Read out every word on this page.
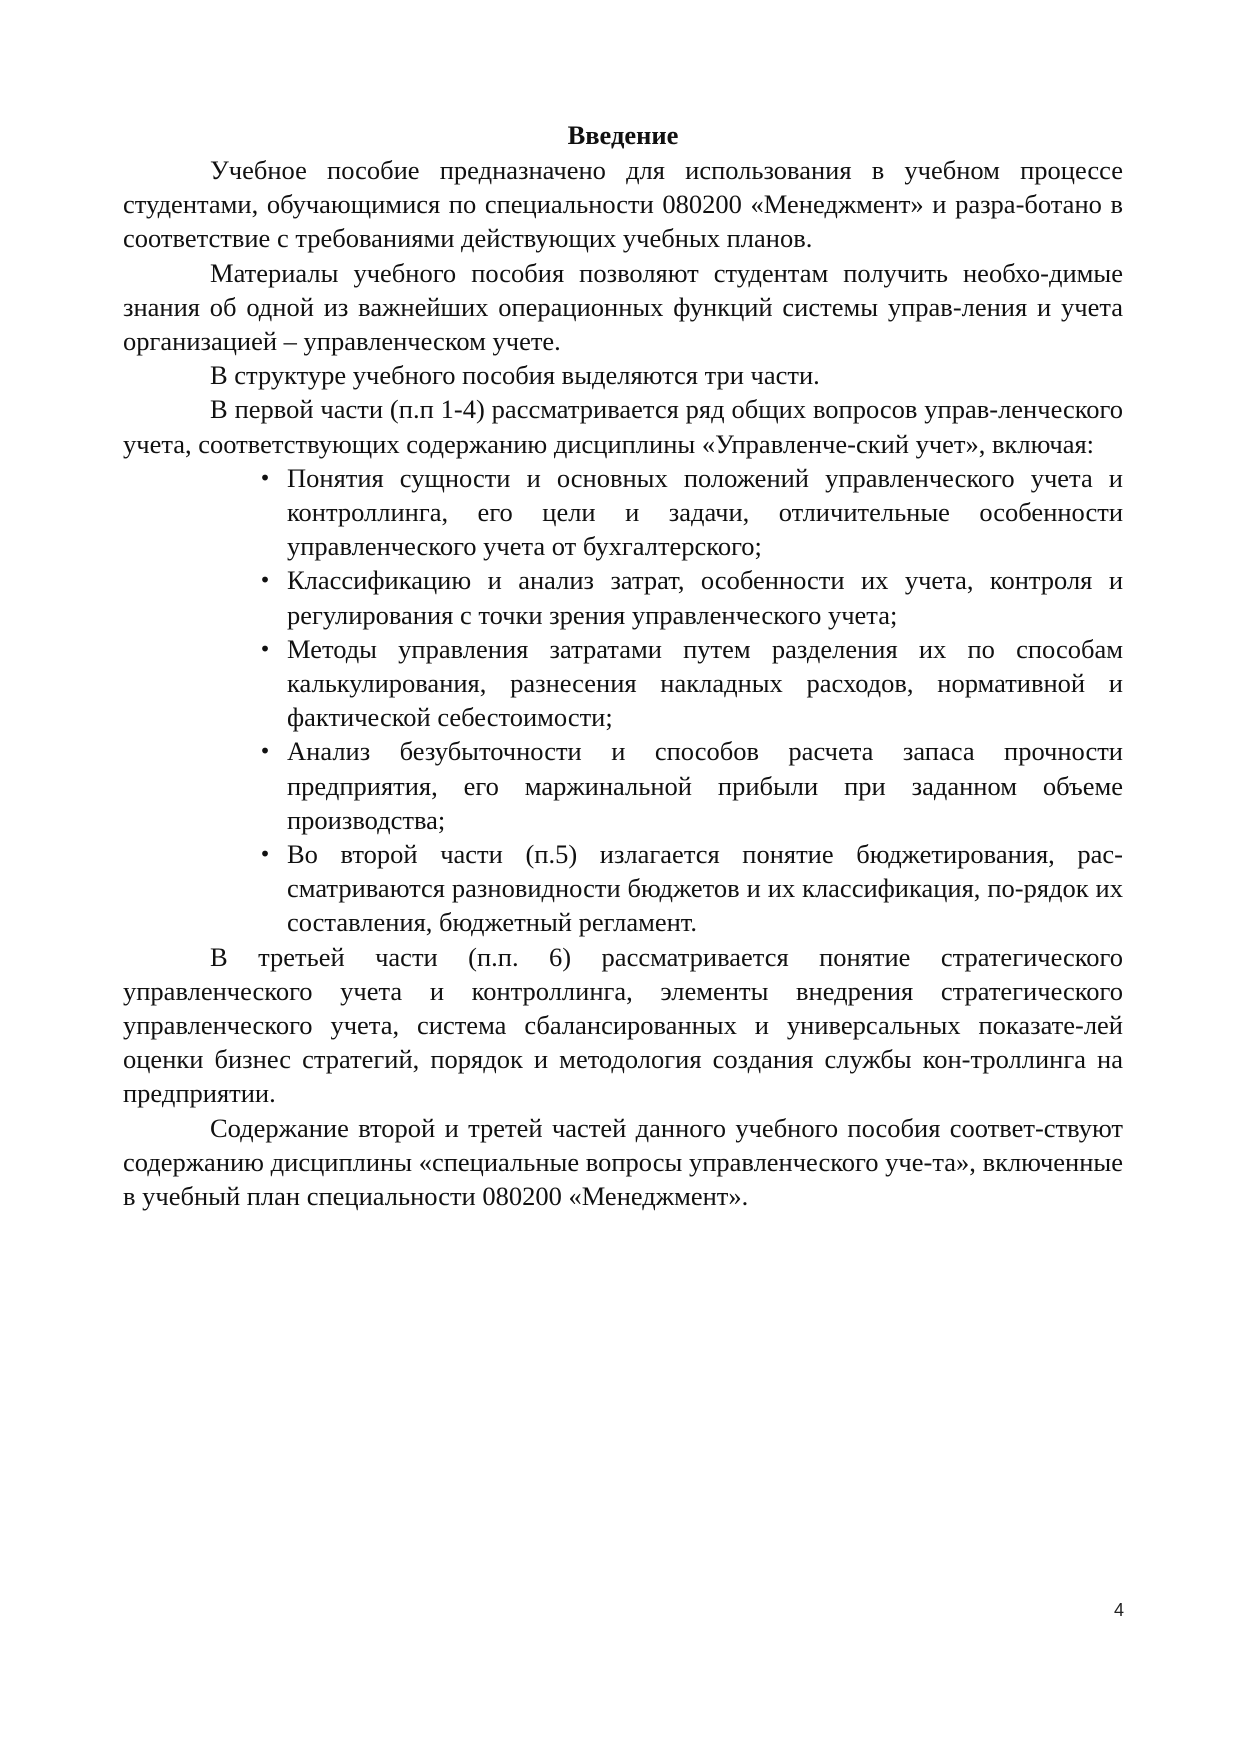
Введение

Учебное пособие предназначено для использования в учебном процессе студентами, обучающимися по специальности 080200 «Менеджмент» и разра-ботано в соответствие с требованиями действующих учебных планов.

Материалы учебного пособия позволяют студентам получить необхо-димые знания об одной из важнейших операционных функций системы управ-ления и учета организацией – управленческом учете.

В структуре учебного пособия выделяются три части.

В первой части (п.п 1-4) рассматривается ряд общих вопросов управ-ленческого учета, соответствующих содержанию дисциплины «Управленче-ский учет», включая:

• Понятия сущности и основных положений управленческого учета и контроллинга, его цели и задачи, отличительные особенности управленческого учета от бухгалтерского;
• Классификацию и анализ затрат, особенности их учета, контроля и регулирования с точки зрения управленческого учета;
• Методы управления затратами путем разделения их по способам калькулирования, разнесения накладных расходов, нормативной и фактической себестоимости;
• Анализ безубыточности и способов расчета запаса прочности предприятия, его маржинальной прибыли при заданном объеме производства;
• Во второй части (п.5) излагается понятие бюджетирования, рас-сматриваются разновидности бюджетов и их классификация, по-рядок их составления, бюджетный регламент.

В третьей части (п.п. 6) рассматривается понятие стратегического управленческого учета и контроллинга, элементы внедрения стратегического управленческого учета, система сбалансированных и универсальных показате-лей оценки бизнес стратегий, порядок и методология создания службы кон-троллинга на предприятии.

Содержание второй и третей частей данного учебного пособия соответ-ствуют содержанию дисциплины «специальные вопросы управленческого уче-та», включенные в учебный план специальности 080200 «Менеджмент».

4
